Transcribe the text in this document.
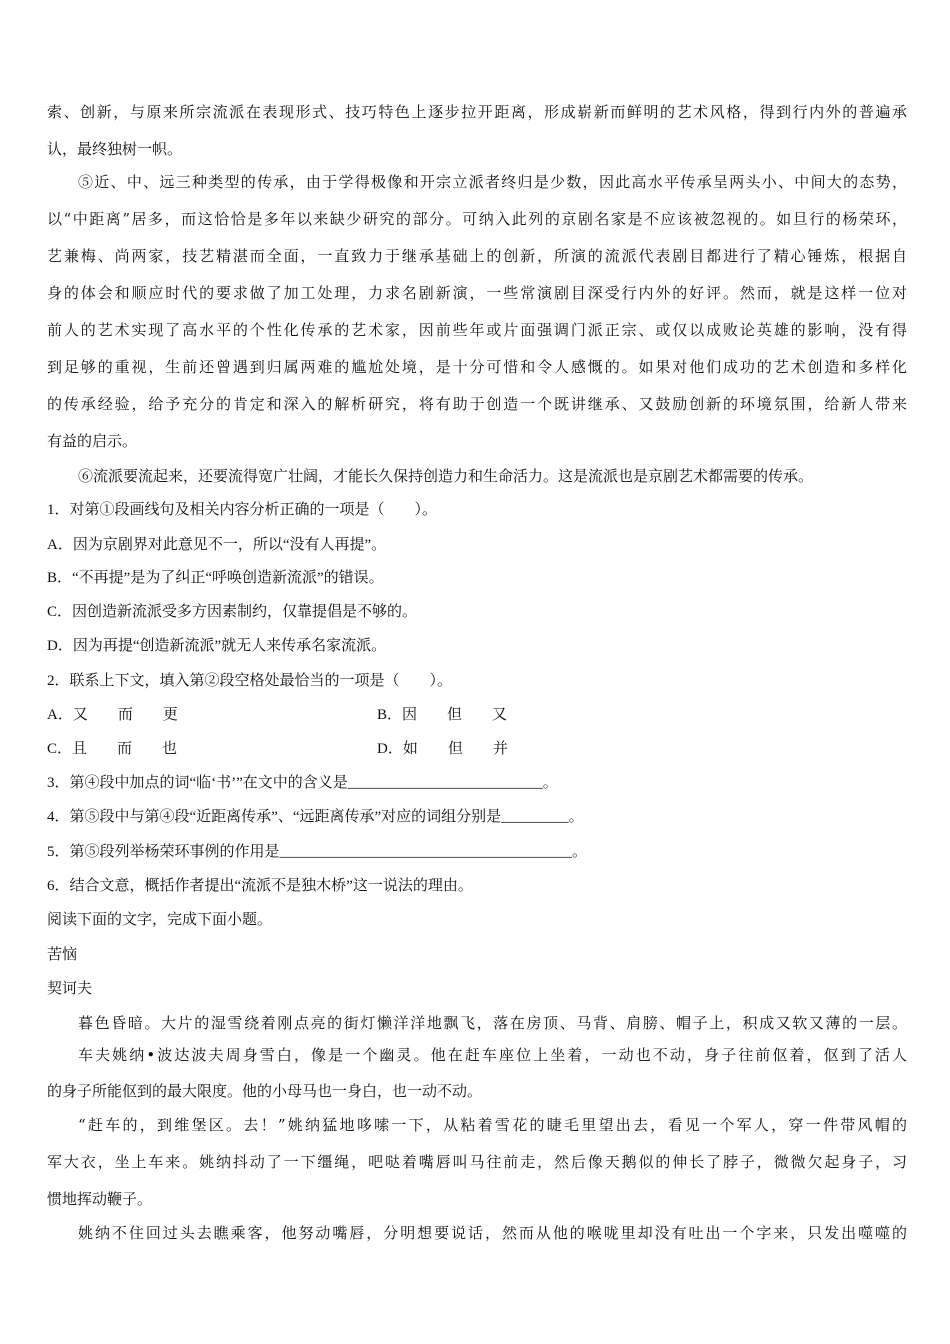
索、创新，与原来所宗流派在表现形式、技巧特色上逐步拉开距离，形成崭新而鲜明的艺术风格，得到行内外的普遍承
认，最终独树一帜。
⑤近、中、远三种类型的传承，由于学得极像和开宗立派者终归是少数，因此高水平传承呈两头小、中间大的态势，
以“中距离”居多，而这恰恰是多年以来缺少研究的部分。可纳入此列的京剧名家是不应该被忽视的。如旦行的杨荣环，
艺兼梅、尚两家，技艺精湛而全面，一直致力于继承基础上的创新，所演的流派代表剧目都进行了精心锤炼，根据自
身的体会和顺应时代的要求做了加工处理，力求名剧新演，一些常演剧目深受行内外的好评。然而，就是这样一位对
前人的艺术实现了高水平的个性化传承的艺术家，因前些年或片面强调门派正宗、或仅以成败论英雄的影响，没有得
到足够的重视，生前还曾遇到归属两难的尴尬处境，是十分可惜和令人感慨的。如果对他们成功的艺术创造和多样化
的传承经验，给予充分的肯定和深入的解析研究，将有助于创造一个既讲继承、又鼓励创新的环境氛围，给新人带来
有益的启示。
⑥流派要流起来，还要流得宽广壮阔，才能长久保持创造力和生命活力。这是流派也是京剧艺术都需要的传承。
1．对第①段画线句及相关内容分析正确的一项是（　　）。
A．因为京剧界对此意见不一，所以“没有人再提”。
B．“不再提”是为了纠正“呼唤创造新流派”的错误。
C．因创造新流派受多方因素制约，仅靠提倡是不够的。
D．因为再提“创造新流派”就无人来传承名家流派。
2．联系上下文，填入第②段空格处最恰当的一项是（　　）。
A．又　　而　　更	B．因　　但　　又
C．且　　而　　也	D．如　　但　　并
3．第④段中加点的词“临‘书’”在文中的含义是__________________________。
4．第⑤段中与第④段“近距离传承”、“远距离传承”对应的词组分别是_________。
5．第⑤段列举杨荣环事例的作用是_______________________________________。
6．结合文意，概括作者提出“流派不是独木桥”这一说法的理由。
阅读下面的文字，完成下面小题。
苦恼
契诃夫
暮色昏暗。大片的湿雪绕着刚点亮的街灯懒洋洋地飘飞，落在房顶、马背、肩膀、帽子上，积成又软又薄的一层。
车夫姚纳•波达波夫周身雪白，像是一个幽灵。他在赶车座位上坐着，一动也不动，身子往前伛着，伛到了活人
的身子所能伛到的最大限度。他的小母马也一身白，也一动不动。
“赶车的，到维堡区。去！”姚纳猛地哆嗦一下，从粘着雪花的睫毛里望出去，看见一个军人，穿一件带风帽的
军大衣，坐上车来。姚纳抖动了一下缰绳，吧哒着嘴唇叫马往前走，然后像天鹅似的伸长了脖子，微微欠起身子，习
惯地挥动鞭子。
姚纳不住回过头去瞧乘客，他努动嘴唇，分明想要说话，然而从他的喉咙里却没有吐出一个字来，只发出噬噬的
